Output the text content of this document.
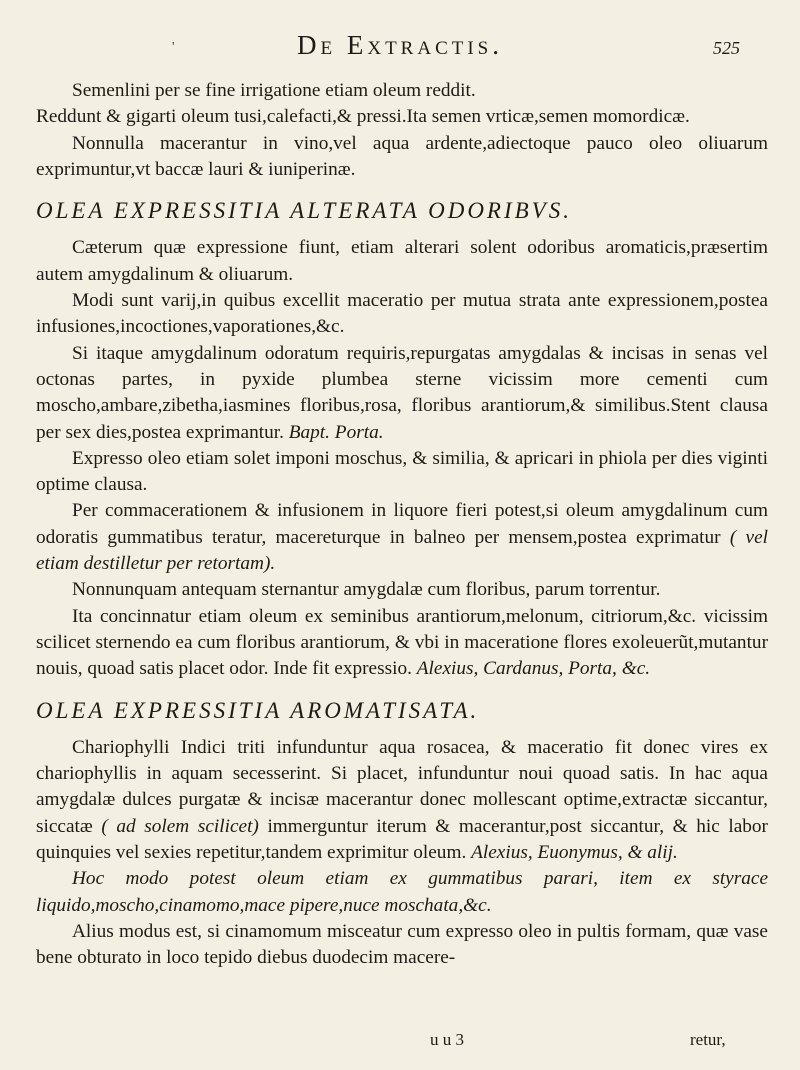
'	De Extractis.	525

Semenlini per se fine irrigatione etiam oleum reddit.

Reddunt & gigarti oleum tusi,calefacti,& pressi.Ita semen vrticæ,semen momordicæ.

Nonnulla macerantur in vino,vel aqua ardente,adiectoque pauco oleo oliuarum exprimuntur,vt baccæ lauri & iuniperinæ.

OLEA EXPRESSITIA ALTERATA ODORIBVS.

Cæterum quæ expressione fiunt, etiam alterari solent odoribus aromaticis,præsertim autem amygdalinum & oliuarum.

Modi sunt varij,in quibus excellit maceratio per mutua strata ante expressionem,postea infusiones,incoctiones,vaporationes,&c.

Si itaque amygdalinum odoratum requiris,repurgatas amygdalas & incisas in senas vel octonas partes, in pyxide plumbea sterne vicissim more cementi cum moscho,ambare,zibetha,iasmines floribus,rosa, floribus arantiorum,& similibus.Stent clausa per sex dies,postea exprimantur. Bapt. Porta.

Expresso oleo etiam solet imponi moschus, & similia, & apricari in phiola per dies viginti optime clausa.

Per commacerationem & infusionem in liquore fieri potest,si oleum amygdalinum cum odoratis gummatibus teratur, macereturque in balneo per mensem,postea exprimatur ( vel etiam destilletur per retortam).

Nonnunquam antequam sternantur amygdalæ cum floribus, parum torrentur.

Ita concinnatur etiam oleum ex seminibus arantiorum,melonum, citriorum,&c. vicissim scilicet sternendo ea cum floribus arantiorum, & vbi in maceratione flores exoleuerũt,mutantur nouis, quoad satis placet odor. Inde fit expressio. Alexius, Cardanus, Porta, &c.

OLEA EXPRESSITIA AROMATISATA.

Chariophylli Indici triti infunduntur aqua rosacea, & maceratio fit donec vires ex chariophyllis in aquam secesserint. Si placet, infunduntur noui quoad satis. In hac aqua amygdalæ dulces purgatæ & incisæ macerantur donec mollescant optime,extractæ siccantur, siccatæ ( ad solem scilicet) immerguntur iterum & macerantur,post siccantur, & hic labor quinquies vel sexies repetitur,tandem exprimitur oleum. Alexius, Euonymus, & alij.

Hoc modo potest oleum etiam ex gummatibus parari, item ex styrace liquido,moscho,cinamomo,mace pipere,nuce moschata,&c.

Alius modus est, si cinamomum misceatur cum expresso oleo in pultis formam, quæ vase bene obturato in loco tepido diebus duodecim macere-

u u 3	retur,
